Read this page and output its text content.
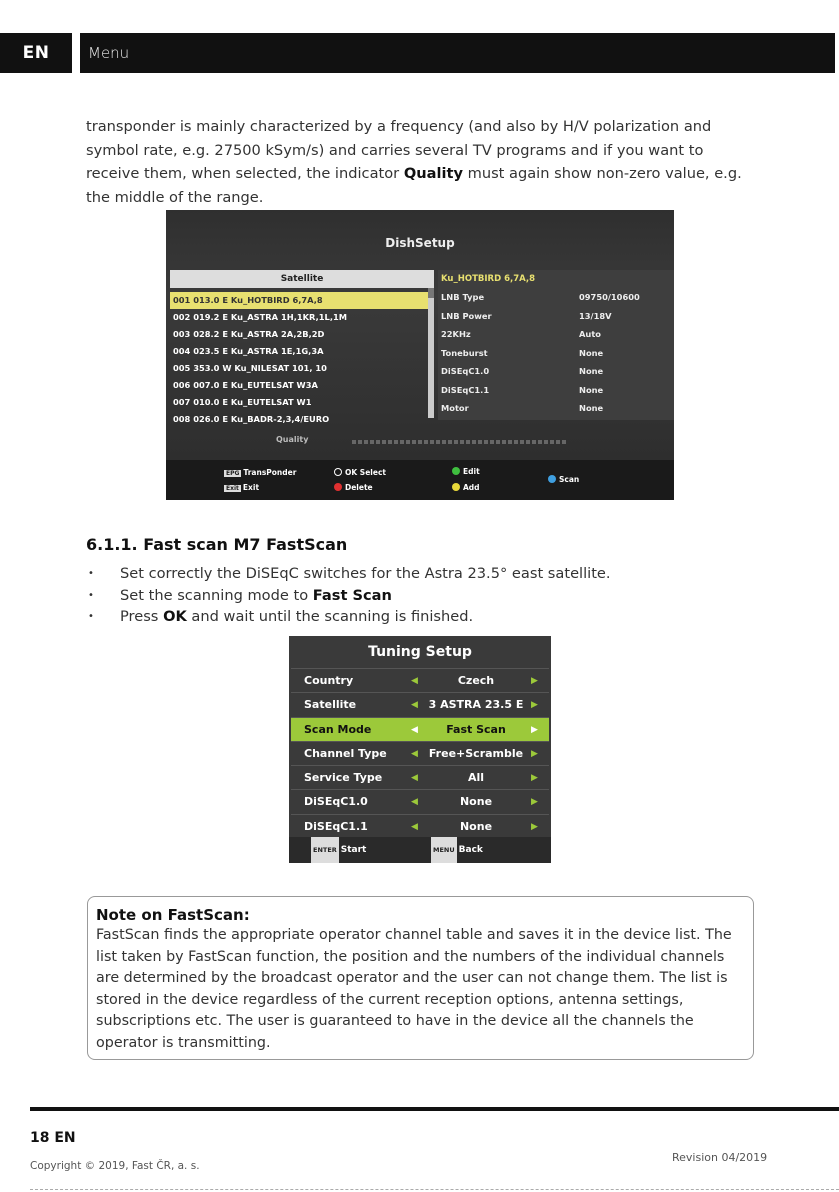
EN	Menu

transponder is mainly characterized by a frequency (and also by H/V polarization and symbol rate, e.g. 27500 kSym/s) and carries several TV programs and if you want to receive them, when selected, the indicator Quality must again show non-zero value, e.g. the middle of the range.

DishSetup
Satellite
001 013.0 E Ku_HOTBIRD 6,7A,8
002 019.2 E Ku_ASTRA 1H,1KR,1L,1M
003 028.2 E Ku_ASTRA 2A,2B,2D
004 023.5 E Ku_ASTRA 1E,1G,3A
005 353.0 W Ku_NILESAT 101, 10
006 007.0 E Ku_EUTELSAT W3A
007 010.0 E Ku_EUTELSAT W1
008 026.0 E Ku_BADR-2,3,4/EURO
Ku_HOTBIRD 6,7A,8
LNB Type	09750/10600
LNB Power	13/18V
22KHz	Auto
Toneburst	None
DiSEqC1.0	None
DiSEqC1.1	None
Motor	None
Quality
EPG TransPonder
Exit Exit
OK Select
Delete
Edit
Add
Scan
6.1.1. Fast scan M7 FastScan
• Set correctly the DiSEqC switches for the Astra 23.5° east satellite.
• Set the scanning mode to Fast Scan
• Press OK and wait until the scanning is finished.
Tuning Setup
Country	◀	Czech	▶
Satellite	◀ 3 ASTRA 23.5 E ▶
Scan Mode	◀	Fast Scan	▶
Channel Type	◀ Free+Scramble ▶
Service Type	◀	All	▶
DiSEqC1.0	◀	None	▶
DiSEqC1.1	◀	None	▶
ENTER Start	MENU Back
Note on FastScan:
FastScan finds the appropriate operator channel table and saves it in the device list. The list taken by FastScan function, the position and the numbers of the individual channels are determined by the broadcast operator and the user can not change them. The list is stored in the device regardless of the current reception options, antenna settings, subscriptions etc. The user is guaranteed to have in the device all the channels the operator is transmitting.
18 EN
Copyright © 2019, Fast ČR, a. s.
Revision 04/2019
